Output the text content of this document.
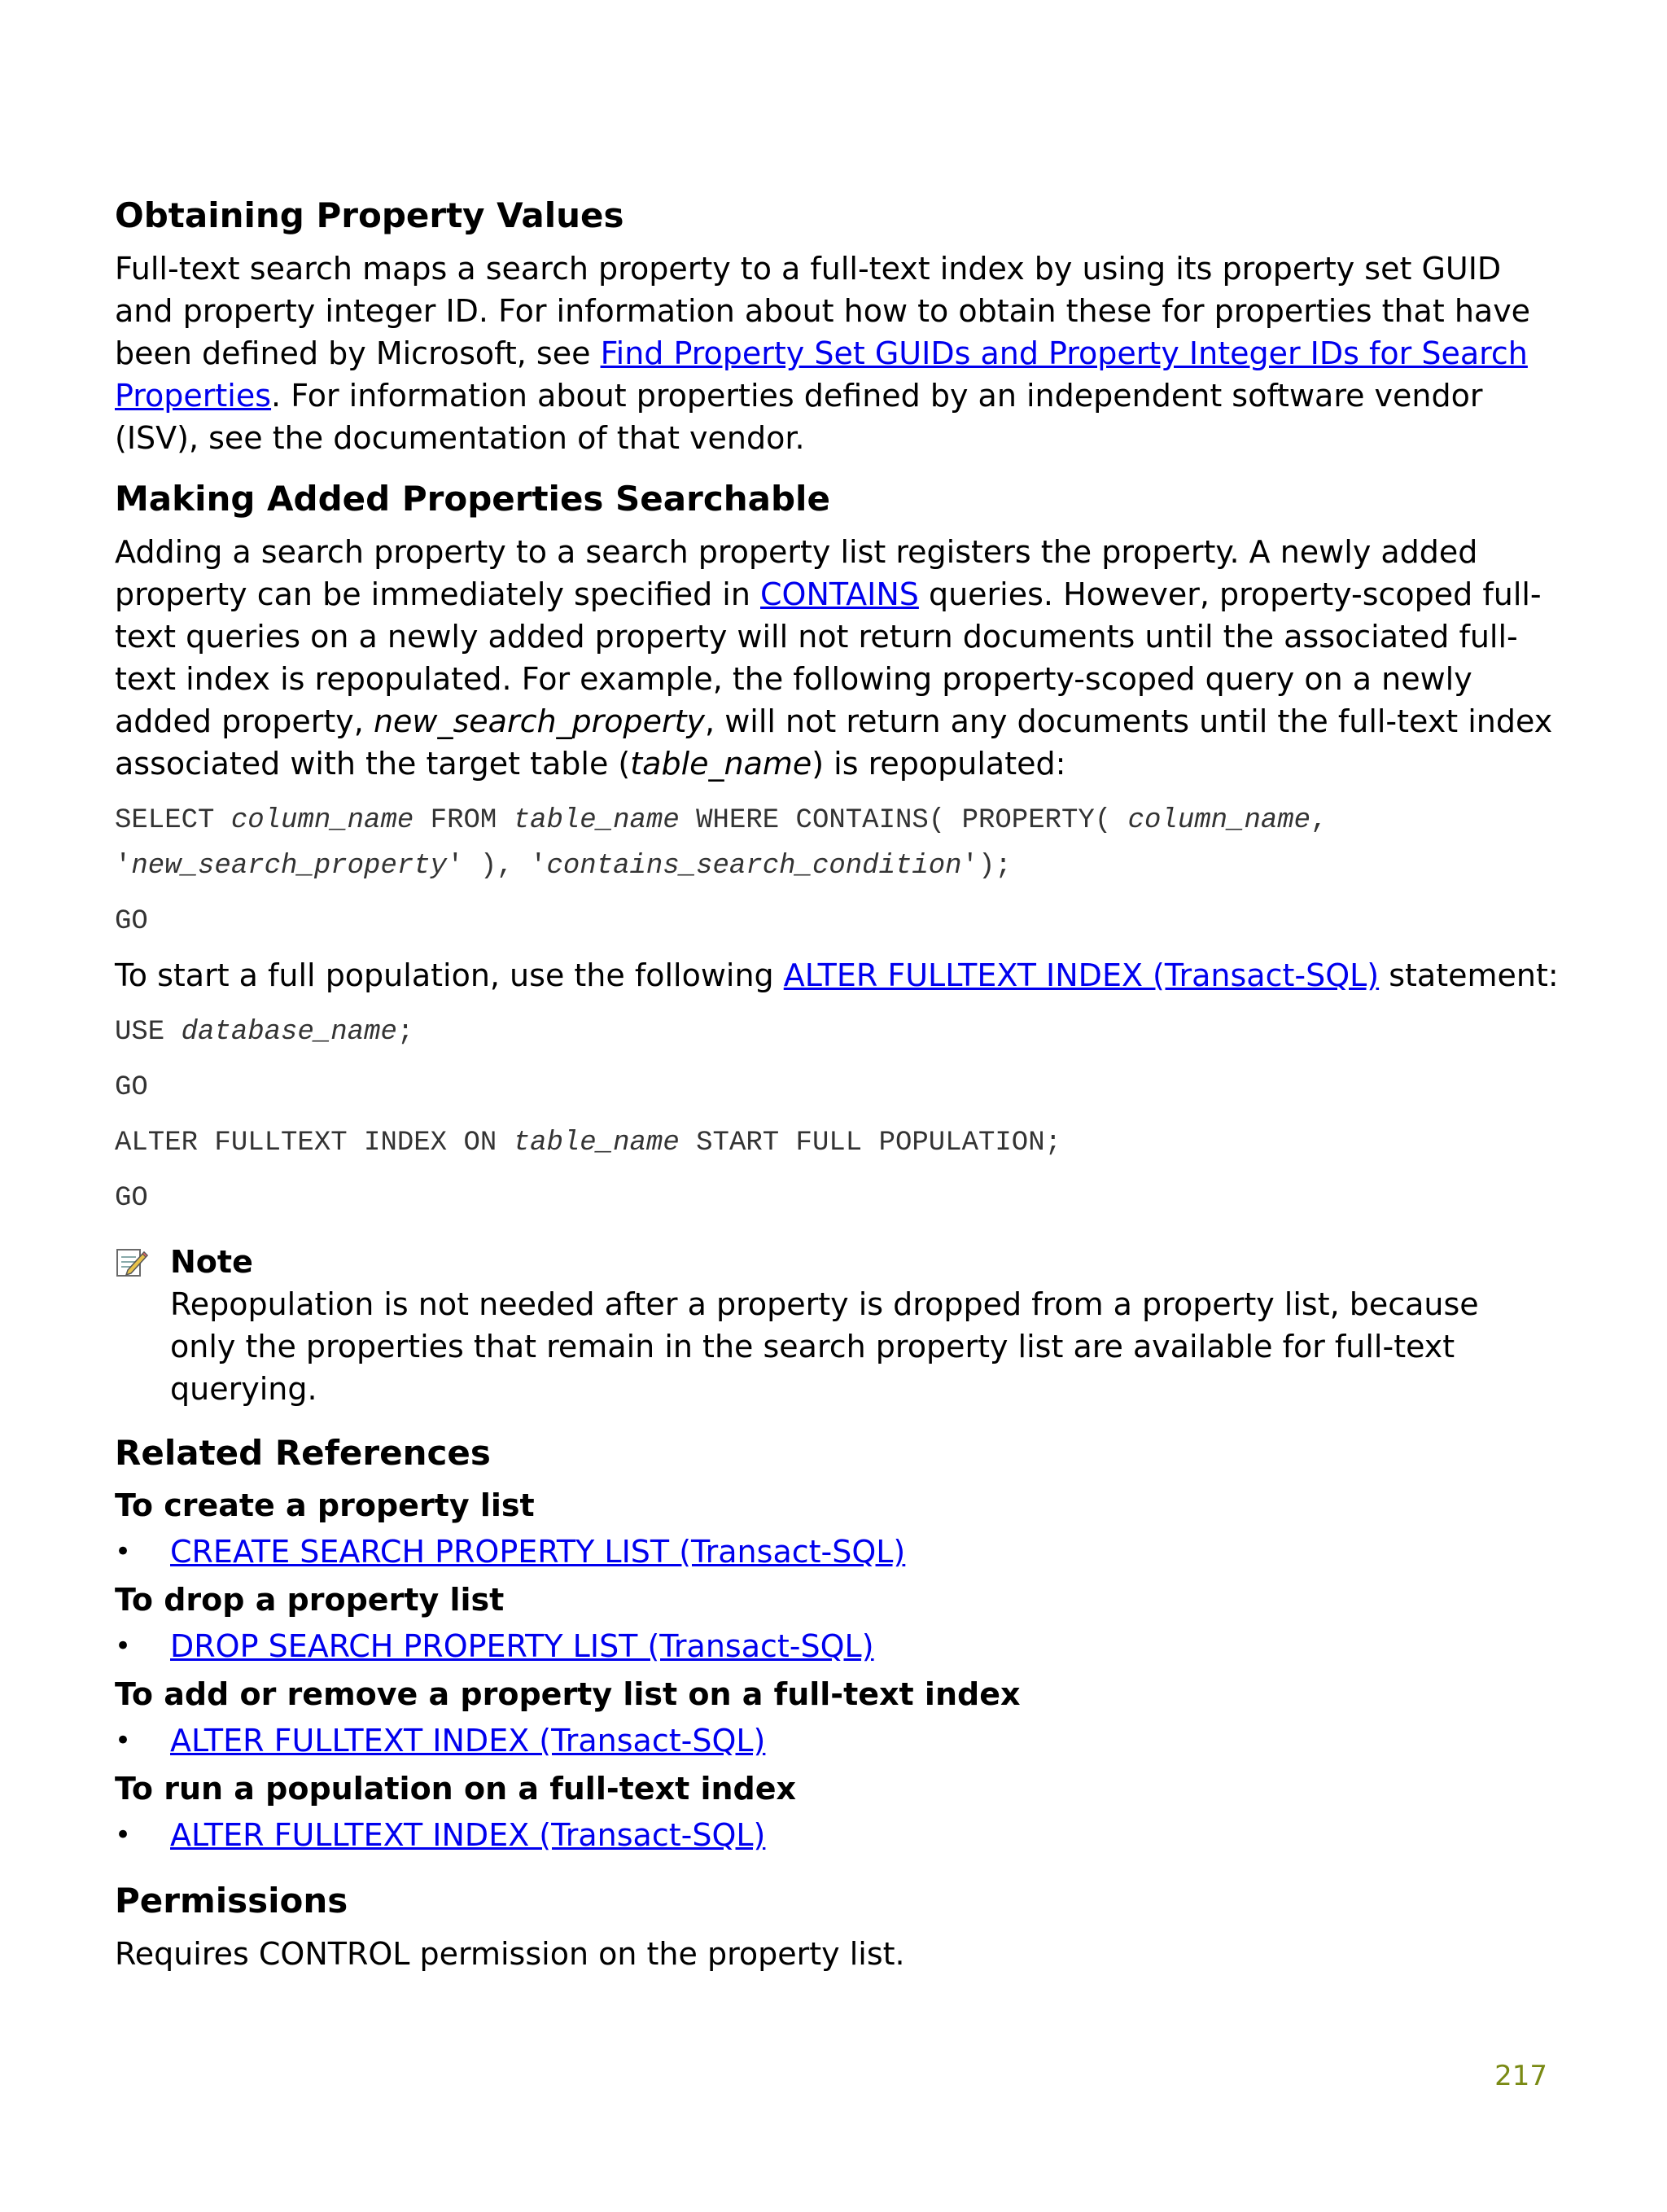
Obtaining Property Values

Full-text search maps a search property to a full-text index by using its property set GUID and property integer ID. For information about how to obtain these for properties that have been defined by Microsoft, see Find Property Set GUIDs and Property Integer IDs for Search Properties. For information about properties defined by an independent software vendor (ISV), see the documentation of that vendor.

Making Added Properties Searchable

Adding a search property to a search property list registers the property. A newly added property can be immediately specified in CONTAINS queries. However, property-scoped full-text queries on a newly added property will not return documents until the associated full-text index is repopulated. For example, the following property-scoped query on a newly added property, new_search_property, will not return any documents until the full-text index associated with the target table (table_name) is repopulated:

SELECT column_name FROM table_name WHERE CONTAINS( PROPERTY( column_name,
'new_search_property' ), 'contains_search_condition');
GO

To start a full population, use the following ALTER FULLTEXT INDEX (Transact-SQL) statement:

USE database_name;
GO
ALTER FULLTEXT INDEX ON table_name START FULL POPULATION;
GO
Note
Repopulation is not needed after a property is dropped from a property list, because only the properties that remain in the search property list are available for full-text querying.
Related References
To create a property list
• CREATE SEARCH PROPERTY LIST (Transact-SQL)
To drop a property list
• DROP SEARCH PROPERTY LIST (Transact-SQL)
To add or remove a property list on a full-text index
• ALTER FULLTEXT INDEX (Transact-SQL)
To run a population on a full-text index
• ALTER FULLTEXT INDEX (Transact-SQL)
Permissions

Requires CONTROL permission on the property list.

217
